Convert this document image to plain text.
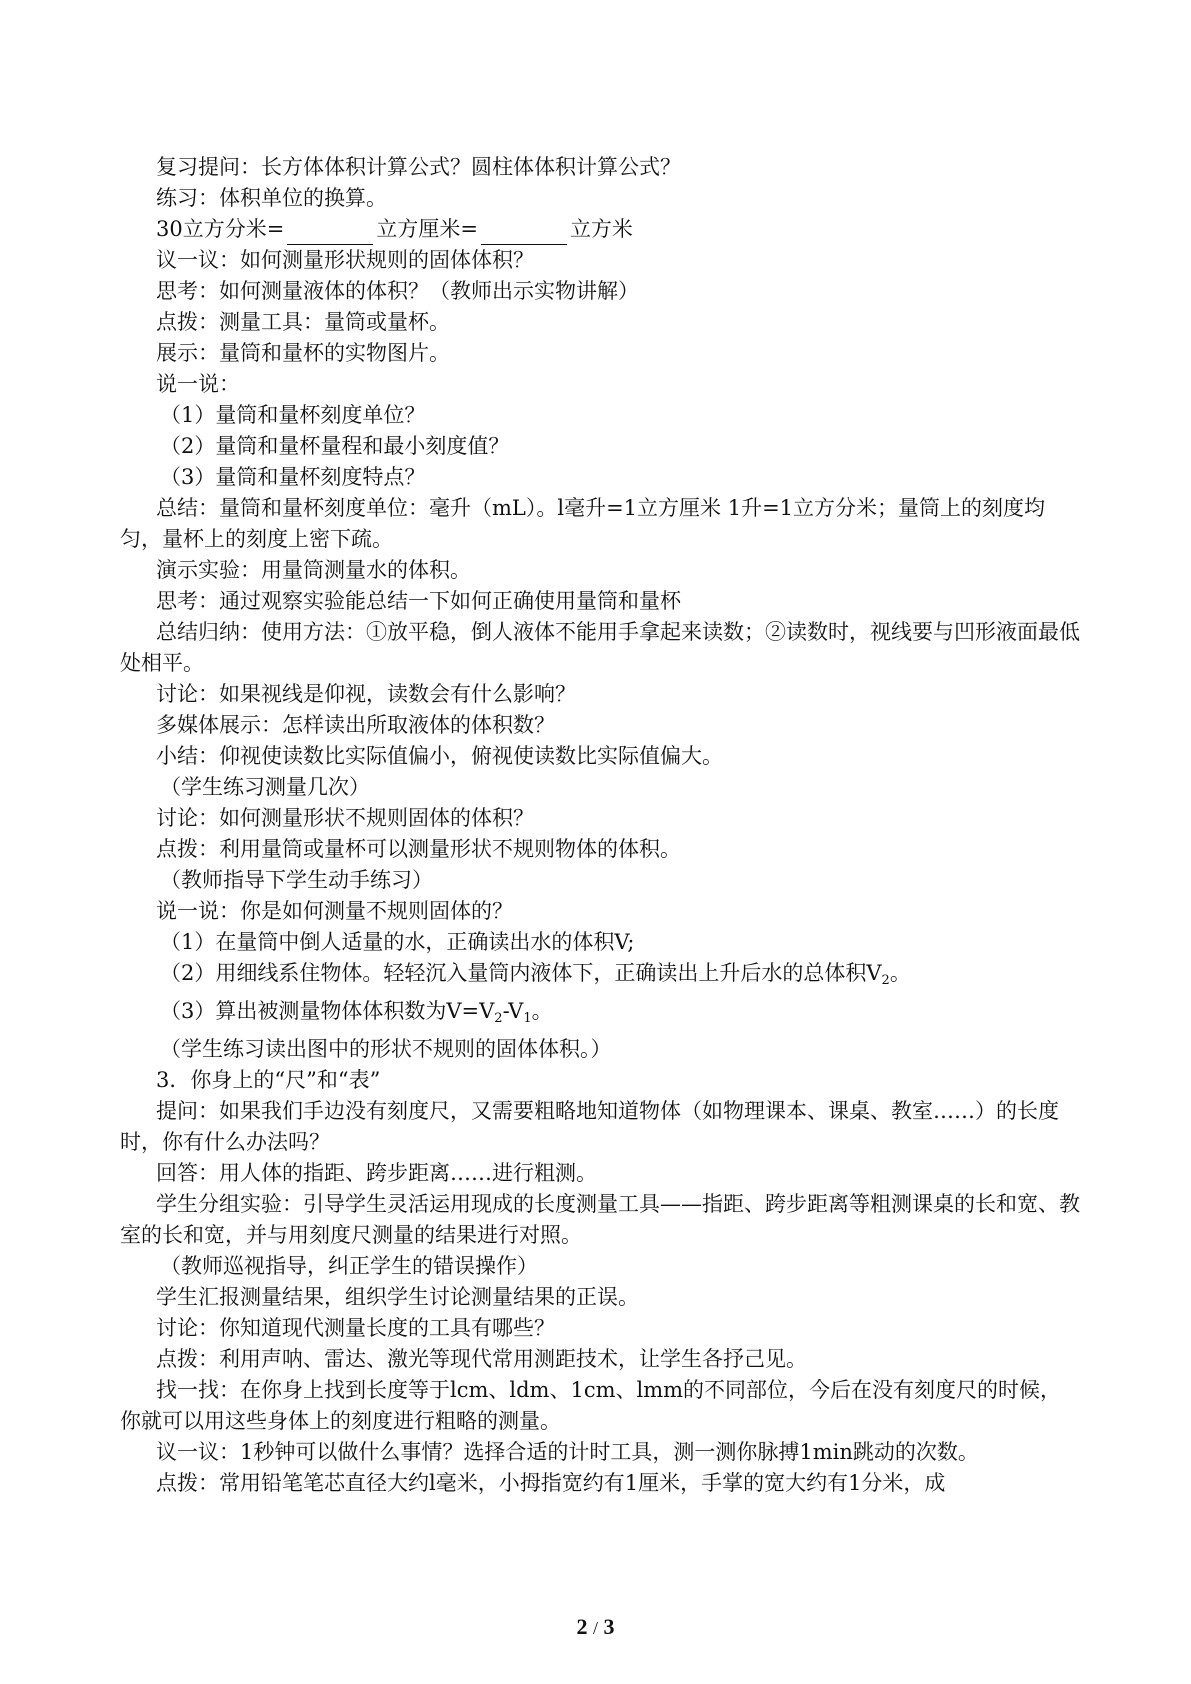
复习提问：长方体体积计算公式？圆柱体体积计算公式？

练习：体积单位的换算。

30立方分米=	立方厘米=	立方米

议一议：如何测量形状规则的固体体积？

思考：如何测量液体的体积？（教师出示实物讲解）

点拨：测量工具：量筒或量杯。

展示：量筒和量杯的实物图片。

说一说：

（1）量筒和量杯刻度单位？

（2）量筒和量杯量程和最小刻度值？

（3）量筒和量杯刻度特点？

总结：量筒和量杯刻度单位：毫升（mL）。l毫升=1立方厘米 1升=1立方分米；量筒上的刻度均匀，量杯上的刻度上密下疏。

演示实验：用量筒测量水的体积。

思考：通过观察实验能总结一下如何正确使用量筒和量杯

总结归纳：使用方法：①放平稳，倒人液体不能用手拿起来读数；②读数时，视线要与凹形液面最低处相平。

讨论：如果视线是仰视，读数会有什么影响？

多媒体展示：怎样读出所取液体的体积数？

小结：仰视使读数比实际值偏小，俯视使读数比实际值偏大。

（学生练习测量几次）

讨论：如何测量形状不规则固体的体积？

点拨：利用量筒或量杯可以测量形状不规则物体的体积。

（教师指导下学生动手练习）

说一说：你是如何测量不规则固体的？

（1）在量筒中倒人适量的水，正确读出水的体积V;

（2）用细线系住物体。轻轻沉入量筒内液体下，正确读出上升后水的总体积$V_2$。

（3）算出被测量物体体积数为$V=V_2-V_1$。

（学生练习读出图中的形状不规则的固体体积。）

3．你身上的“尺”和“表”

提问：如果我们手边没有刻度尺，又需要粗略地知道物体（如物理课本、课桌、教室……）的长度时，你有什么办法吗？

回答：用人体的指距、跨步距离……进行粗测。

学生分组实验：引导学生灵活运用现成的长度测量工具——指距、跨步距离等粗测课桌的长和宽、教室的长和宽，并与用刻度尺测量的结果进行对照。

（教师巡视指导，纠正学生的错误操作）

学生汇报测量结果，组织学生讨论测量结果的正误。

讨论：你知道现代测量长度的工具有哪些？

点拨：利用声呐、雷达、激光等现代常用测距技术，让学生各抒己见。

找一找：在你身上找到长度等于lcm、ldm、1cm、lmm的不同部位，今后在没有刻度尺的时候，你就可以用这些身体上的刻度进行粗略的测量。

议一议：1秒钟可以做什么事情？选择合适的计时工具，测一测你脉搏1min跳动的次数。

点拨：常用铅笔笔芯直径大约l毫米，小拇指宽约有1厘米，手掌的宽大约有1分米，成

2 / 3
